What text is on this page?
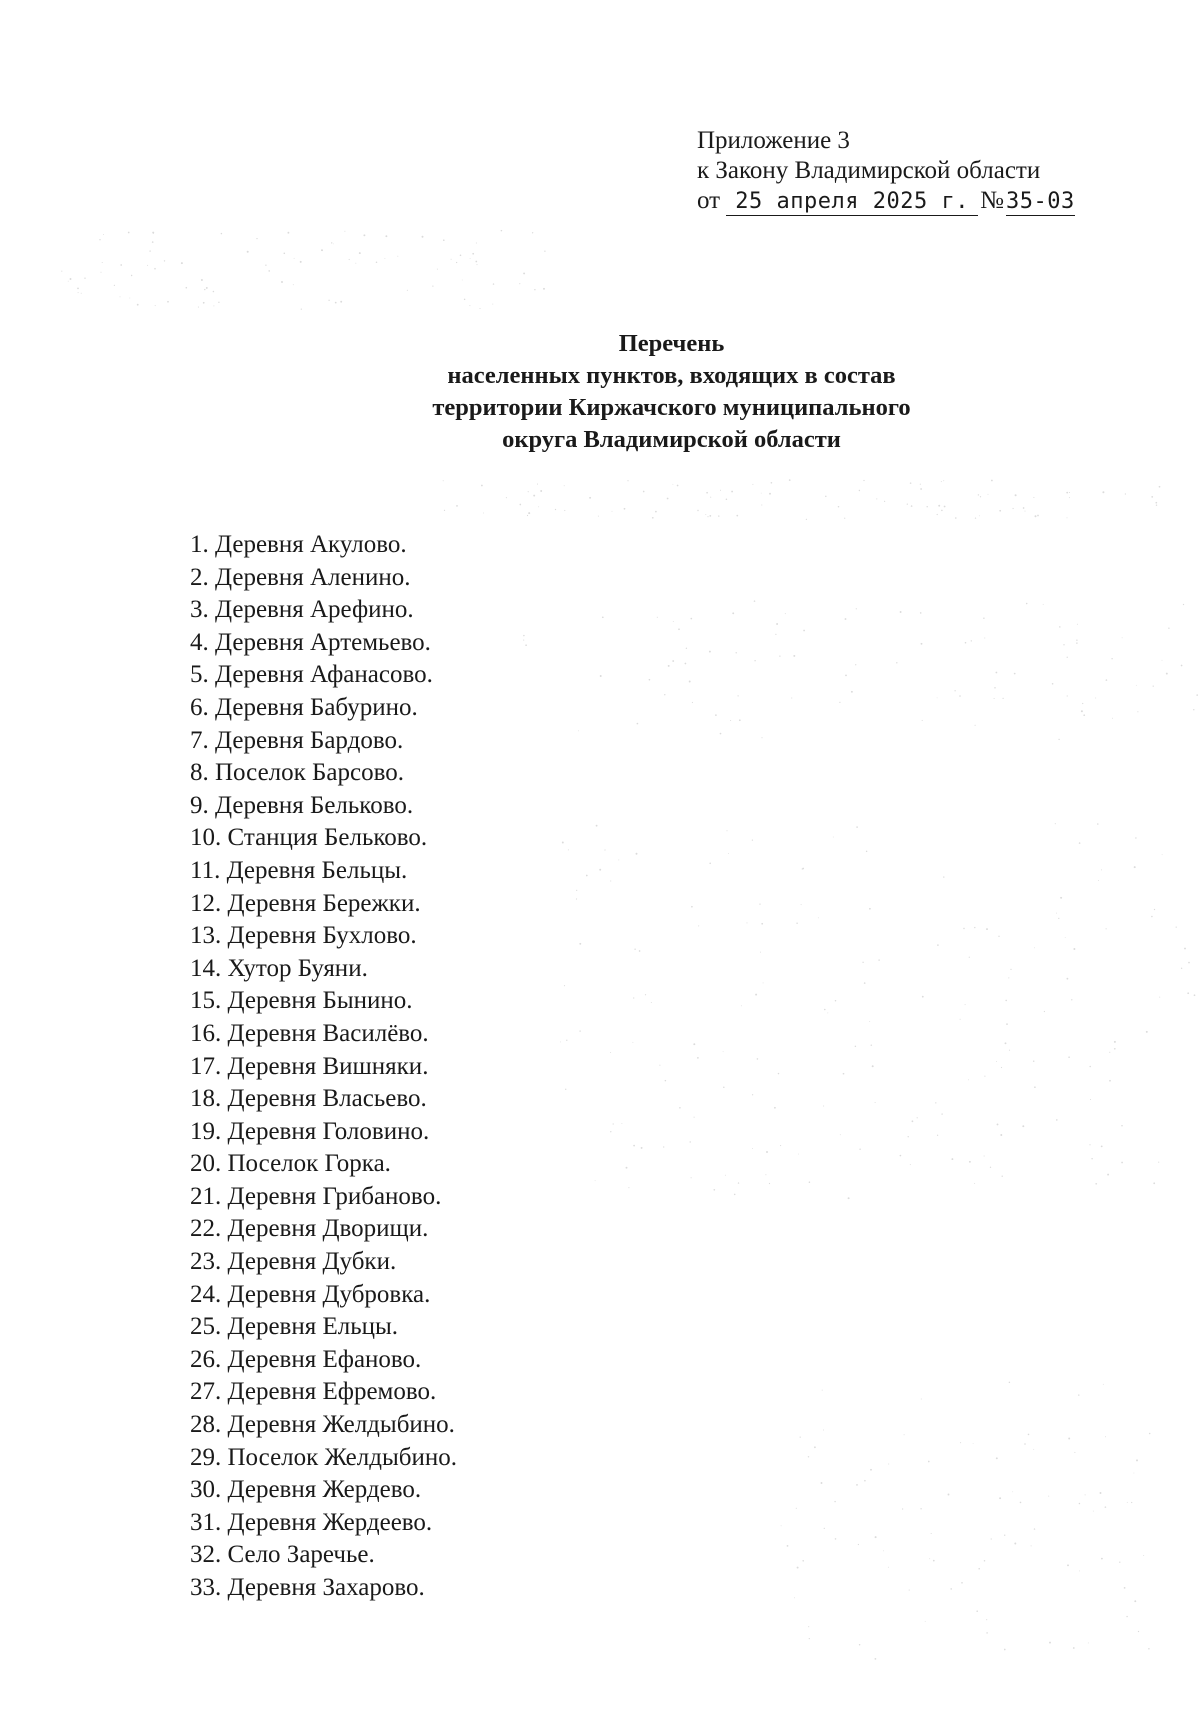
Приложение 3
к Закону Владимирской области
от 25 апреля 2025 г. № 35-03
Перечень
населенных пунктов, входящих в состав
территории Киржачского муниципального
округа Владимирской области
1. Деревня Акулово.
2. Деревня Аленино.
3. Деревня Арефино.
4. Деревня Артемьево.
5. Деревня Афанасово.
6. Деревня Бабурино.
7. Деревня Бардово.
8. Поселок Барсово.
9. Деревня Бельково.
10. Станция Бельково.
11. Деревня Бельцы.
12. Деревня Бережки.
13. Деревня Бухлово.
14. Хутор Буяни.
15. Деревня Бынино.
16. Деревня Василёво.
17. Деревня Вишняки.
18. Деревня Власьево.
19. Деревня Головино.
20. Поселок Горка.
21. Деревня Грибаново.
22. Деревня Дворищи.
23. Деревня Дубки.
24. Деревня Дубровка.
25. Деревня Ельцы.
26. Деревня Ефаново.
27. Деревня Ефремово.
28. Деревня Желдыбино.
29. Поселок Желдыбино.
30. Деревня Жердево.
31. Деревня Жердеево.
32. Село Заречье.
33. Деревня Захарово.
